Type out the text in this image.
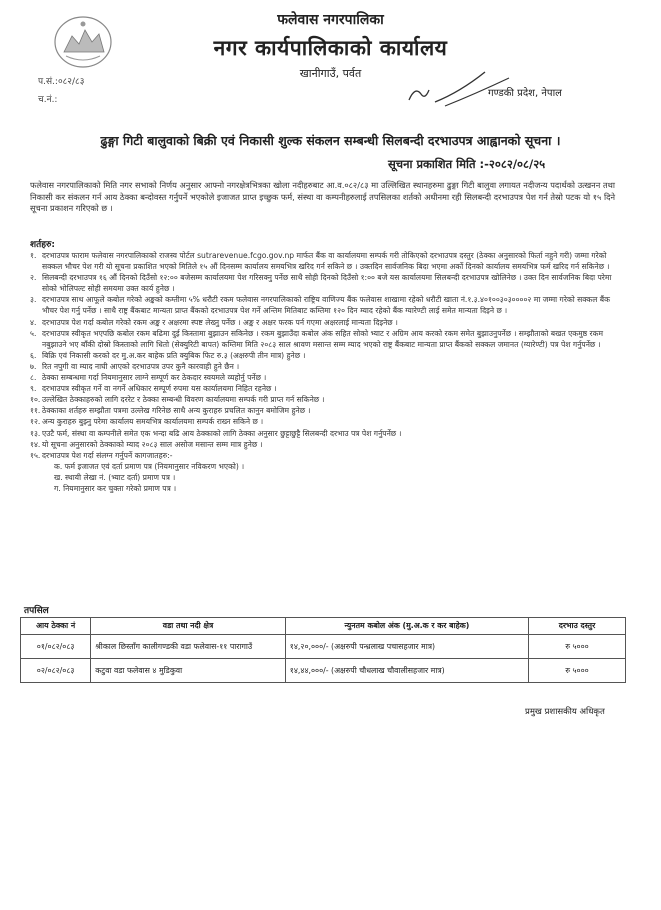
फलेवास नगरपालिका
नगर कार्यपालिकाको कार्यालय
खानीगाउँ, पर्वत
प.सं.:०८२/८३
च.नं.:
गण्डकी प्रदेश, नेपाल
ढुङ्गा गिटी बालुवाको बिक्री एवं निकासी शुल्क संकलन सम्बन्धी सिलबन्दी दरभाउपत्र आह्वानको सूचना ।
सूचना प्रकाशित मिति :-२०८२/०८/२५
फलेवास नगरपालिकाको मिति नगर सभाको निर्णय अनुसार आफ्नो नगरक्षेत्रभित्रका खोला नदीहरुबाट आ.व.०८२/८३ मा उल्लिखित स्थानहरुमा ढुङ्गा गिटी बालुवा लगायत नदीजन्य पदार्थको उत्खनन तथा निकासी कर संकलन गर्न आय ठेक्का बन्दोवस्त गर्नुपर्ने भएकोले इजाजत प्राप्त इच्छुक फर्म, संस्था वा कम्पनीहरुलाई तपसिलका शर्तको अधीनमा रही सिलबन्दी दरभाउपत्र पेश गर्न तेस्रो पटक यो १५ दिने सूचना प्रकाशन गरिएको छ ।
शर्तहरु:
१. दरभाउपत्र फाराम फलेवास नगरपालिकाको राजस्व पोर्टल sutrarevenue.fcgo.gov.np मार्फत बैंक वा कार्यालयमा सम्पर्क गरी तोकिएको दरभाउपत्र दस्तुर (ठेक्का अनुसारको फिर्ता नहुने गरी) जम्मा गरेको सक्कल भौचर पेश गरी यो सूचना प्रकाशित भएको मितिले १५ औं दिनसम्म कार्यालय समयभित्र खरिद गर्न सकिने छ । उक्तदिन सार्वजनिक बिदा भएमा अर्को दिनको कार्यालय समयभित्र फर्म खरिद गर्न सकिनेछ ।
२. सिलबन्दी दरभाउपत्र १६ औं दिनको दिउँसो १२:०० बजेसम्म कार्यालयमा पेश गरिसक्नु पर्नेछ साथै सोही दिनको दिउँसो १:०० बजे यस कार्यालयमा सिलबन्दी दरभाउपत्र खोलिनेछ । उक्त दिन सार्वजनिक बिदा परेमा सोको भोलिपल्ट सोही समयमा उक्त कार्य हुनेछ ।
३. दरभाउपत्र साथ आफूले कबोल गरेको अङ्कको कम्तीमा ५% धरौटी रकम फलेवास नगरपालिकाको राष्ट्रिय वाणिज्य बैंक फलेवास शाखामा रहेको धरौटी खाता नं.१.३.४०१००३०३००००२ मा जम्मा गरेको सक्कल बैंक भौचर पेश गर्नु पर्नेछ । साथै राष्ट्र बैंकबाट मान्यता प्राप्त बैंकको दरभाउपत्र पेश गर्ने अन्तिम मितिबाट कम्तिमा १२० दिन म्याद रहेको बैंक ग्यारेण्टी लाई समेत मान्यता दिइने छ ।
४. दरभाउपत्र पेश गर्दा कबोल गरेको रकम अङ्क र अक्षरमा स्पष्ट लेख्नु पर्नेछ । अङ्क र अक्षर फरक पर्न गएमा अक्षरलाई मान्यता दिइनेछ ।
५. दरभाउपत्र स्वीकृत भएपछि कबोल रकम बढिमा दुई किस्तामा बुझाउन सकिनेछ । रकम बुझाउँदा कबोल अंक सहित सोको भ्याट र अग्रिम आय करको रकम समेत बुझाउनुपर्नेछ । सम्झौताको बखत एकमुष्ठ रकम नबुझाउने भए बाँकी दोस्रो किस्ताको लागि धितो (सेक्युरिटी बापत) कम्तिमा मिति २०८३ साल श्रावण मसान्त सम्म म्याद भएको राष्ट्र बैंकबाट मान्यता प्राप्त बैंकको सक्कल जमानत (ग्यारेण्टी) पत्र पेश गर्नुपर्नेछ ।
६. बिक्रि एवं निकासी करको दर मु.अ.कर बाहेक प्रति क्युबिक फिट रु.३ (अक्षरुपी तीन मात्र) हुनेछ ।
७. रित नपुगी वा म्याद नाघी आएको दरभाउपत्र उपर कुनै कारवाही हुने छैन ।
८. ठेक्का सम्बन्धमा गर्दा नियमानुसार लाग्ने सम्पूर्ण कर ठेकदार स्वयमले व्यहोर्नु पर्नेछ ।
९. दरभाउपत्र स्वीकृत गर्ने वा नगर्ने अधिकार सम्पूर्ण रुपमा यस कार्यालयमा निहित रहनेछ ।
१०. उल्लेखित ठेक्काहरुको लागि दररेट र ठेक्का सम्बन्धी विवरण कार्यालयमा सम्पर्क गरी प्राप्त गर्न सकिनेछ ।
११. ठेक्काका शर्तहरु सम्झौता पत्रमा उल्लेख गरिनेछ साथै अन्य कुराहरु प्रचलित कानुन बमोजिम हुनेछ ।
१२. अन्य कुराहरु बुझ्नु परेमा कार्यालय समयभित्र कार्यालयमा सम्पर्क राख्न सकिने छ ।
१३. एउटै फर्म, संस्था वा कम्पनीले समेत एक भन्दा बढि आय ठेक्काको लागि ठेक्का अनुसार छुट्टाछुट्टै सिलबन्दी दरभाउ पत्र पेश गर्नुपर्नेछ ।
१४. यो सूचना अनुसारको ठेक्काको म्याद २०८३ साल असोज मसान्त सम्म मात्र हुनेछ ।
१५. दरभाउपत्र पेश गर्दा संलग्न गर्नुपर्ने कागजातहरु:-
क. फर्म इजाजत एवं दर्ता प्रमाण पत्र (नियमानुसार नविकरण भएको) ।
ख. स्थायी लेखा नं. (भ्याट दर्ता) प्रमाण पत्र ।
ग. नियमानुसार कर चुक्ता गरेको प्रमाण पत्र ।
तपसिल
आय ठेक्का नं	वडा तथा नदी क्षेत्र	न्युनतम कबोल अंक (मु.अ.क र कर बाहेक)	दरभाउ दस्तुर
०१/०८२/०८३	श्रीकाल छिस्ताँग कालीगण्डकी वडा फलेवास-११ पारागाउँ	१४,२०,०००/- (अक्षरुपी पन्ध्रलाख पचासहजार मात्र)	रु ५०००
०२/०८२/०८३	कटुवा वडा फलेवास ४ मुडिकुवा	१४,४४,०००/- (अक्षरुपी चौधलाख चौवालीसहजार मात्र)	रु ५०००
प्रमुख प्रशासकीय अधिकृत
